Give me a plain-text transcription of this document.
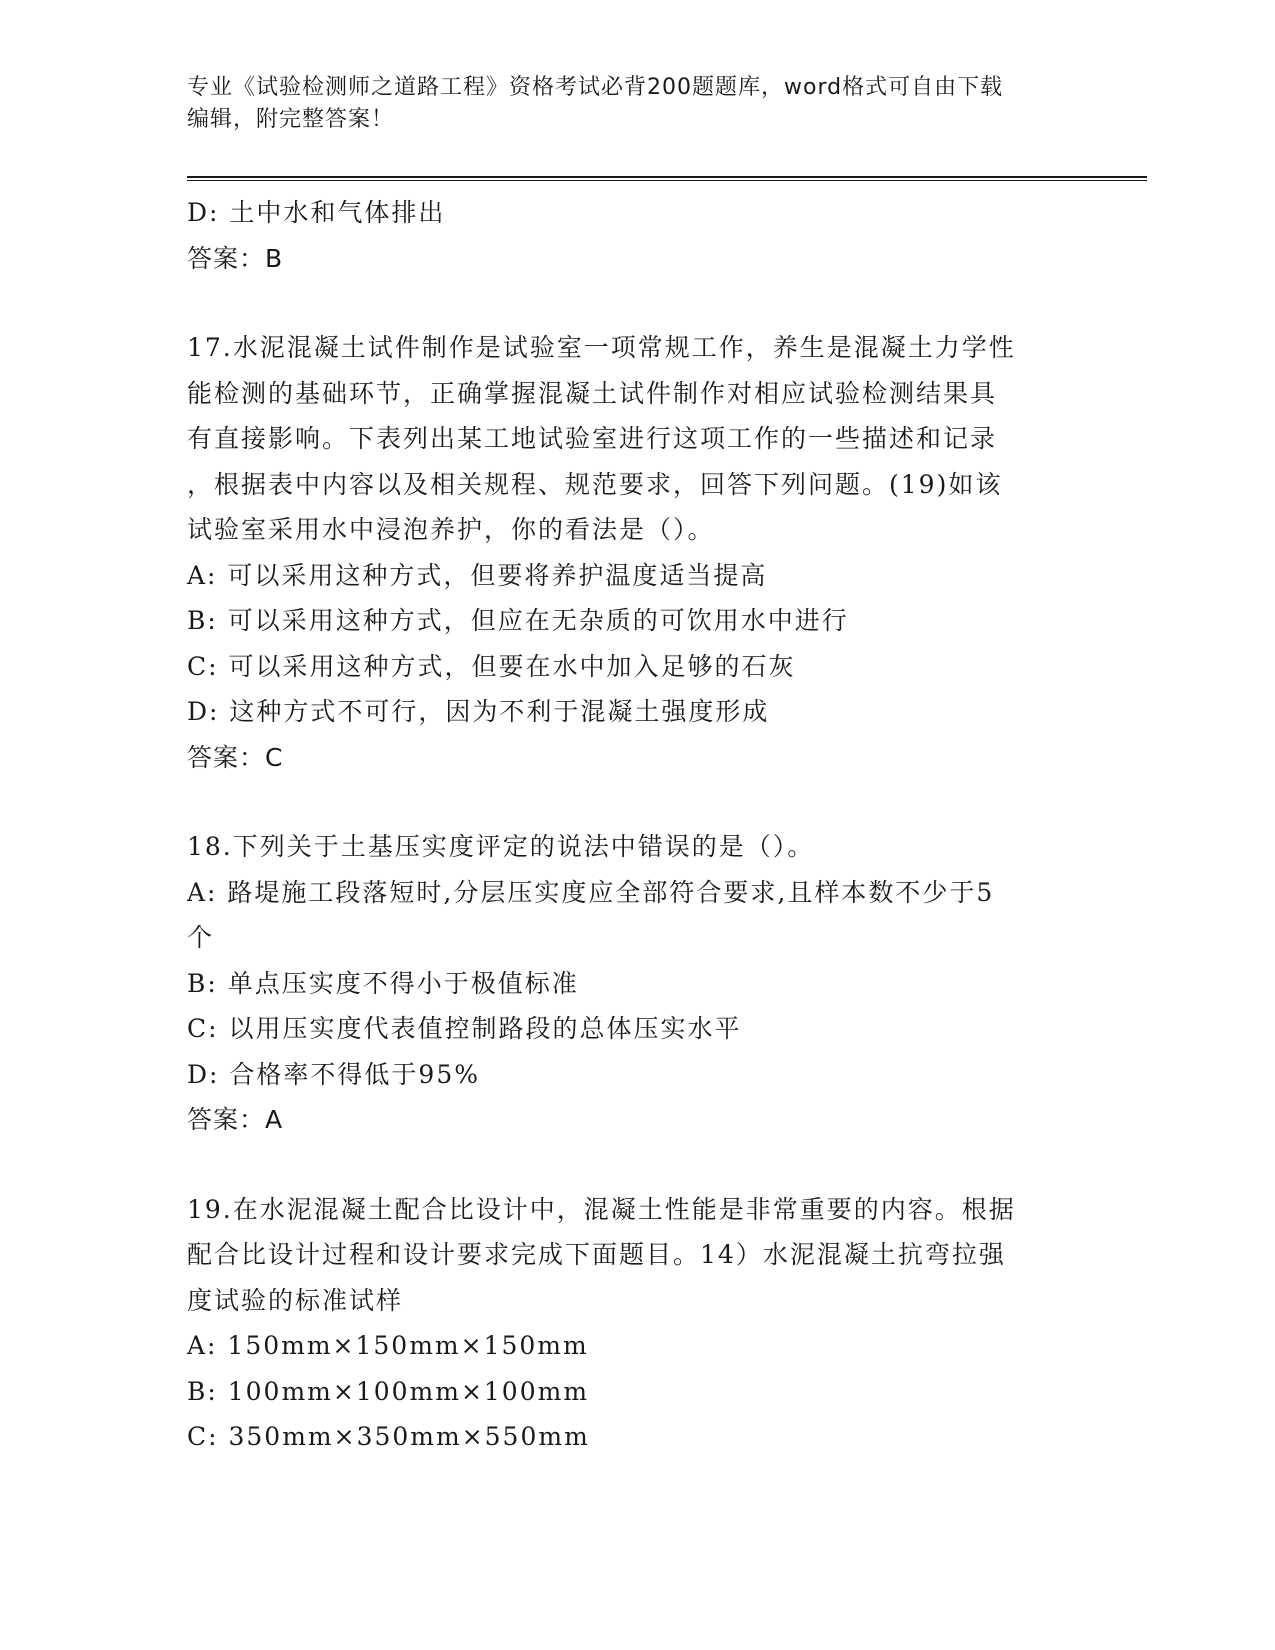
专业《试验检测师之道路工程》资格考试必背200题题库，word格式可自由下载
编辑，附完整答案！
D: 土中水和气体排出
答案：B
17.水泥混凝土试件制作是试验室一项常规工作，养生是混凝土力学性
能检测的基础环节，正确掌握混凝土试件制作对相应试验检测结果具
有直接影响。下表列出某工地试验室进行这项工作的一些描述和记录
，根据表中内容以及相关规程、规范要求，回答下列问题。(19)如该
试验室采用水中浸泡养护，你的看法是（）。
A: 可以采用这种方式，但要将养护温度适当提高
B: 可以采用这种方式，但应在无杂质的可饮用水中进行
C: 可以采用这种方式，但要在水中加入足够的石灰
D: 这种方式不可行，因为不利于混凝土强度形成
答案：C
18.下列关于土基压实度评定的说法中错误的是（）。
A: 路堤施工段落短时,分层压实度应全部符合要求,且样本数不少于5
个
B: 单点压实度不得小于极值标准
C: 以用压实度代表值控制路段的总体压实水平
D: 合格率不得低于95%
答案：A
19.在水泥混凝土配合比设计中，混凝土性能是非常重要的内容。根据
配合比设计过程和设计要求完成下面题目。14）水泥混凝土抗弯拉强
度试验的标准试样
A: 150mm×150mm×150mm
B: 100mm×100mm×100mm
C: 350mm×350mm×550mm
